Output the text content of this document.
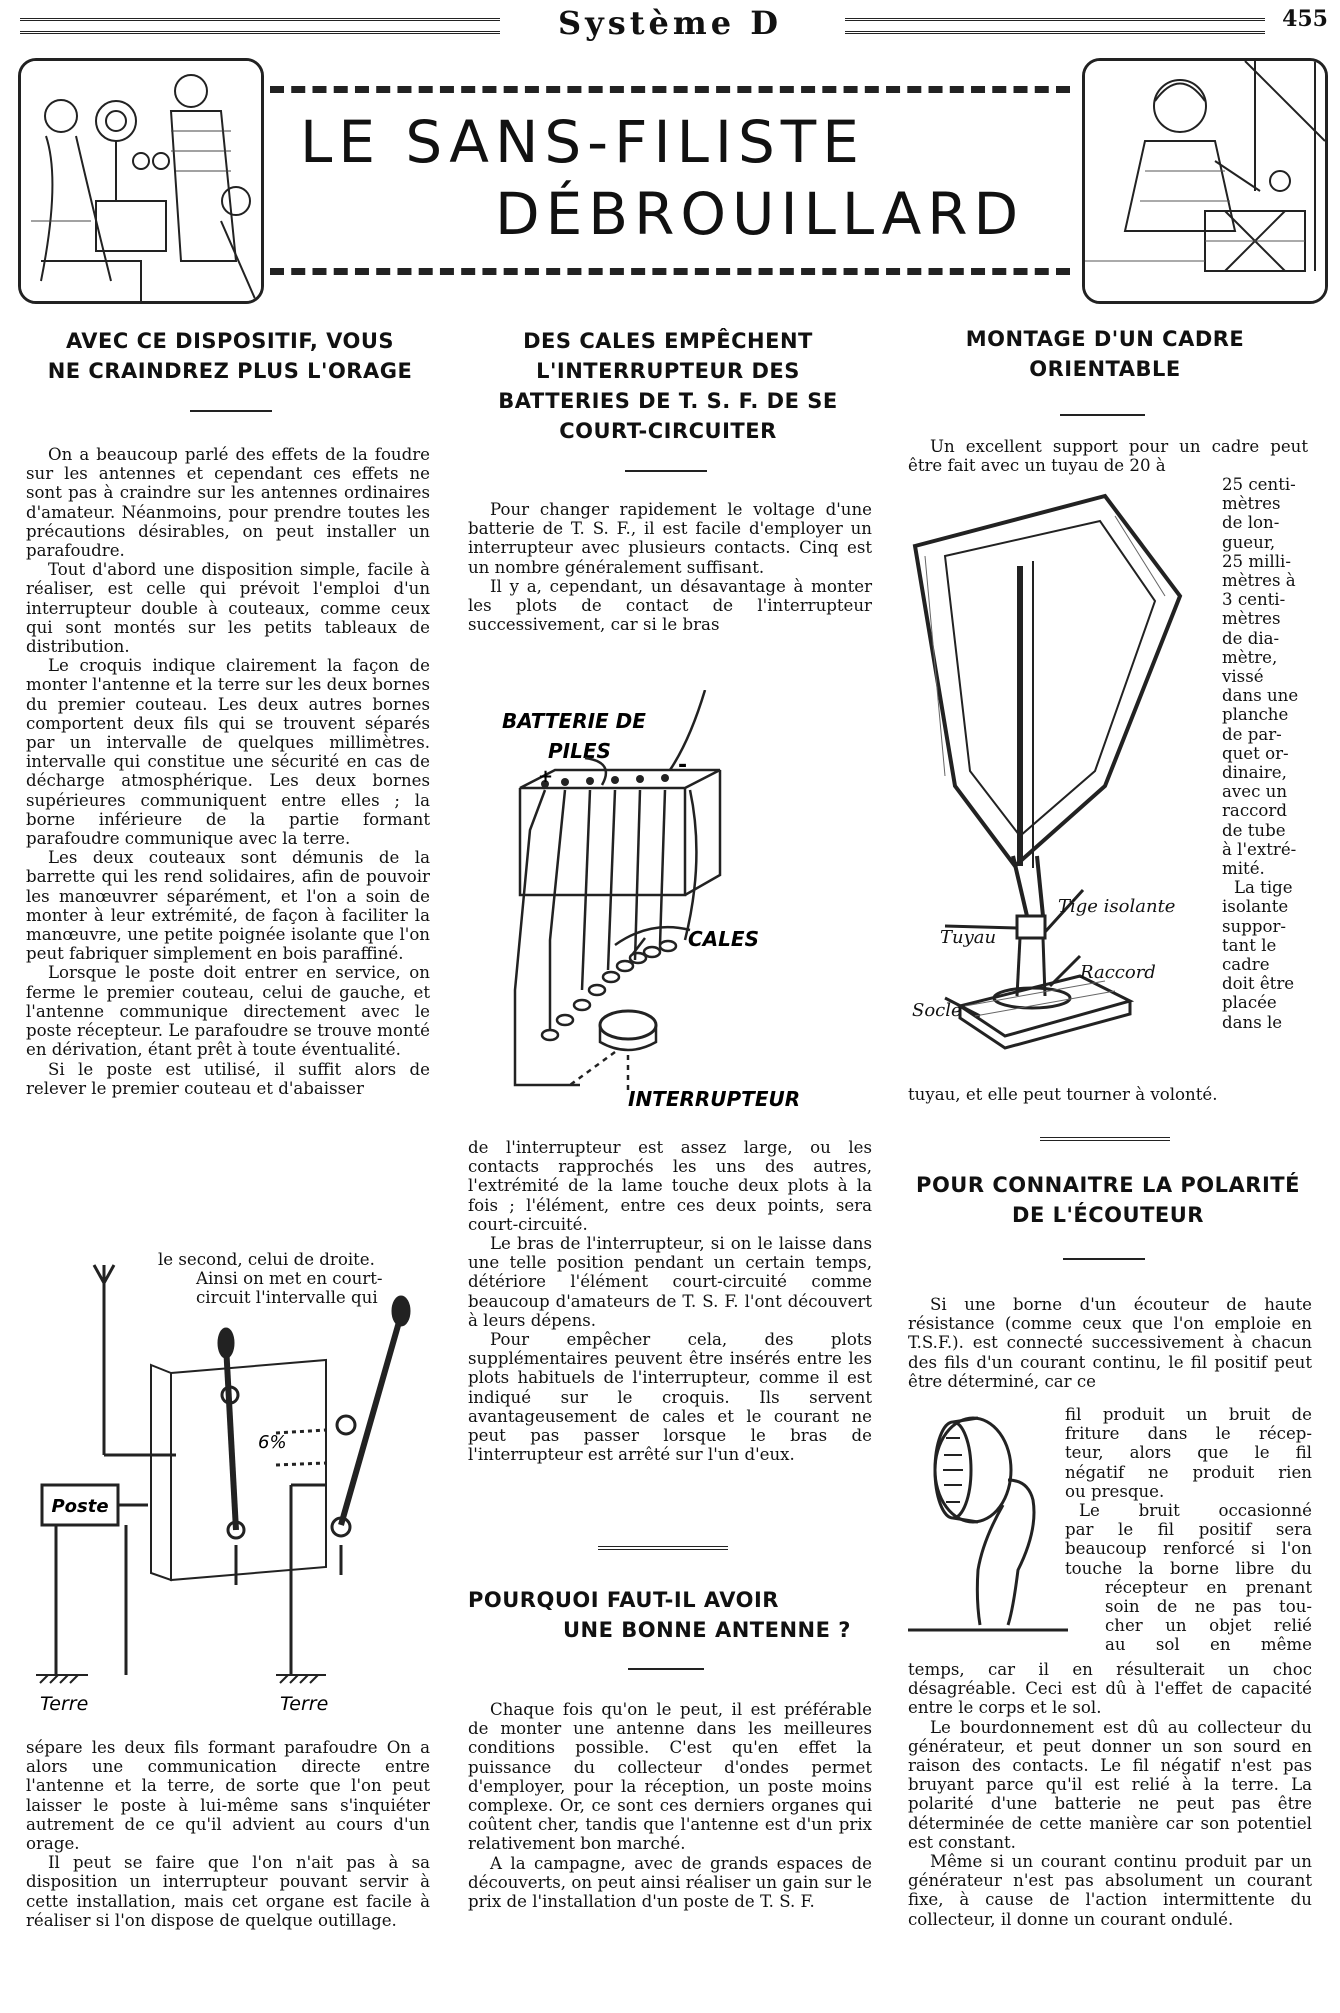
Système D	455
LE SANS-FILISTE
DÉBROUILLARD
AVEC CE DISPOSITIF, VOUS
NE CRAINDREZ PLUS L'ORAGE

On a beaucoup parlé des effets de la foudre sur les antennes et cependant ces effets ne sont pas à craindre sur les antennes ordinaires d'amateur. Néanmoins, pour prendre toutes les précautions désirables, on peut installer un parafoudre.

Tout d'abord une disposition simple, facile à réaliser, est celle qui prévoit l'emploi d'un interrupteur double à couteaux, comme ceux qui sont montés sur les petits tableaux de distribution.

Le croquis indique clairement la façon de monter l'antenne et la terre sur les deux bornes du premier couteau. Les deux autres bornes comportent deux fils qui se trouvent séparés par un intervalle de quelques millimètres. intervalle qui constitue une sécurité en cas de décharge atmosphérique. Les deux bornes supérieures communiquent entre elles ; la borne inférieure de la partie formant parafoudre communique avec la terre.

Les deux couteaux sont démunis de la barrette qui les rend solidaires, afin de pouvoir les manœuvrer séparément, et l'on a soin de monter à leur extrémité, de façon à faciliter la manœuvre, une petite poignée isolante que l'on peut fabriquer simplement en bois paraffiné.

Lorsque le poste doit entrer en service, on ferme le premier couteau, celui de gauche, et l'antenne communique directement avec le poste récepteur. Le parafoudre se trouve monté en dérivation, étant prêt à toute éventualité.

Si le poste est utilisé, il suffit alors de relever le premier couteau et d'abaisser

le second, celui de droite.
Ainsi on met en court-
circuit l'intervalle qui
Poste
6%
Terre	Terre

sépare les deux fils formant parafoudre On a alors une communication directe entre l'antenne et la terre, de sorte que l'on peut laisser le poste à lui-même sans s'inquiéter autrement de ce qu'il advient au cours d'un orage.

Il peut se faire que l'on n'ait pas à sa disposition un interrupteur pouvant servir à cette installation, mais cet organe est facile à réaliser si l'on dispose de quelque outillage.

DES CALES EMPÊCHENT
L'INTERRUPTEUR DES
BATTERIES DE T. S. F. DE SE
COURT-CIRCUITER

Pour changer rapidement le voltage d'une batterie de T. S. F., il est facile d'employer un interrupteur avec plusieurs contacts. Cinq est un nombre généralement suffisant.

Il y a, cependant, un désavantage à monter les plots de contact de l'interrupteur successivement, car si le bras

BATTERIE DE
PILES
+	-
CALES
INTERRUPTEUR

de l'interrupteur est assez large, ou les contacts rapprochés les uns des autres, l'extrémité de la lame touche deux plots à la fois ; l'élément, entre ces deux points, sera court-circuité.

Le bras de l'interrupteur, si on le laisse dans une telle position pendant un certain temps, détériore l'élément court-circuité comme beaucoup d'amateurs de T. S. F. l'ont découvert à leurs dépens.

Pour empêcher cela, des plots supplémentaires peuvent être insérés entre les plots habituels de l'interrupteur, comme il est indiqué sur le croquis. Ils servent avantageusement de cales et le courant ne peut pas passer lorsque le bras de l'interrupteur est arrêté sur l'un d'eux.

POURQUOI FAUT-IL AVOIR
UNE BONNE ANTENNE ?

Chaque fois qu'on le peut, il est préférable de monter une antenne dans les meilleures conditions possible. C'est qu'en effet la puissance du collecteur d'ondes permet d'employer, pour la réception, un poste moins complexe. Or, ce sont ces derniers organes qui coûtent cher, tandis que l'antenne est d'un prix relativement bon marché.

A la campagne, avec de grands espaces de découverts, on peut ainsi réaliser un gain sur le prix de l'installation d'un poste de T. S. F.

MONTAGE D'UN CADRE
ORIENTABLE

Un excellent support pour un cadre peut être fait avec un tuyau de 20 à

Tige isolante
Tuyau
Raccord
Socle
25 centi-
mètres
de lon-
gueur,
25 milli-
mètres à
3 centi-
mètres
de dia-
mètre,
vissé
dans une
planche
de par-
quet or-
dinaire,
avec un
raccord
de tube
à l'extré-
mité.
La tige
isolante
suppor-
tant le
cadre
doit être
placée
dans le

tuyau, et elle peut tourner à volonté.

POUR CONNAITRE LA POLARITÉ
DE L'ÉCOUTEUR

Si une borne d'un écouteur de haute résistance (comme ceux que l'on emploie en T.S.F.). est connecté successivement à chacun des fils d'un courant continu, le fil positif peut être déterminé, car ce

fil produit un bruit de
friture dans le récep-
teur, alors que le fil
négatif ne produit rien
ou presque.
Le bruit occasionné
par le fil positif sera
beaucoup renforcé si l'on
touche la borne libre du
récepteur en prenant
soin de ne pas tou-
cher un objet relié
au sol en même

temps, car il en résulterait un choc désagréable. Ceci est dû à l'effet de capacité entre le corps et le sol.

Le bourdonnement est dû au collecteur du générateur, et peut donner un son sourd en raison des contacts. Le fil négatif n'est pas bruyant parce qu'il est relié à la terre. La polarité d'une batterie ne peut pas être déterminée de cette manière car son potentiel est constant.

Même si un courant continu produit par un générateur n'est pas absolument un courant fixe, à cause de l'action intermittente du collecteur, il donne un courant ondulé.
